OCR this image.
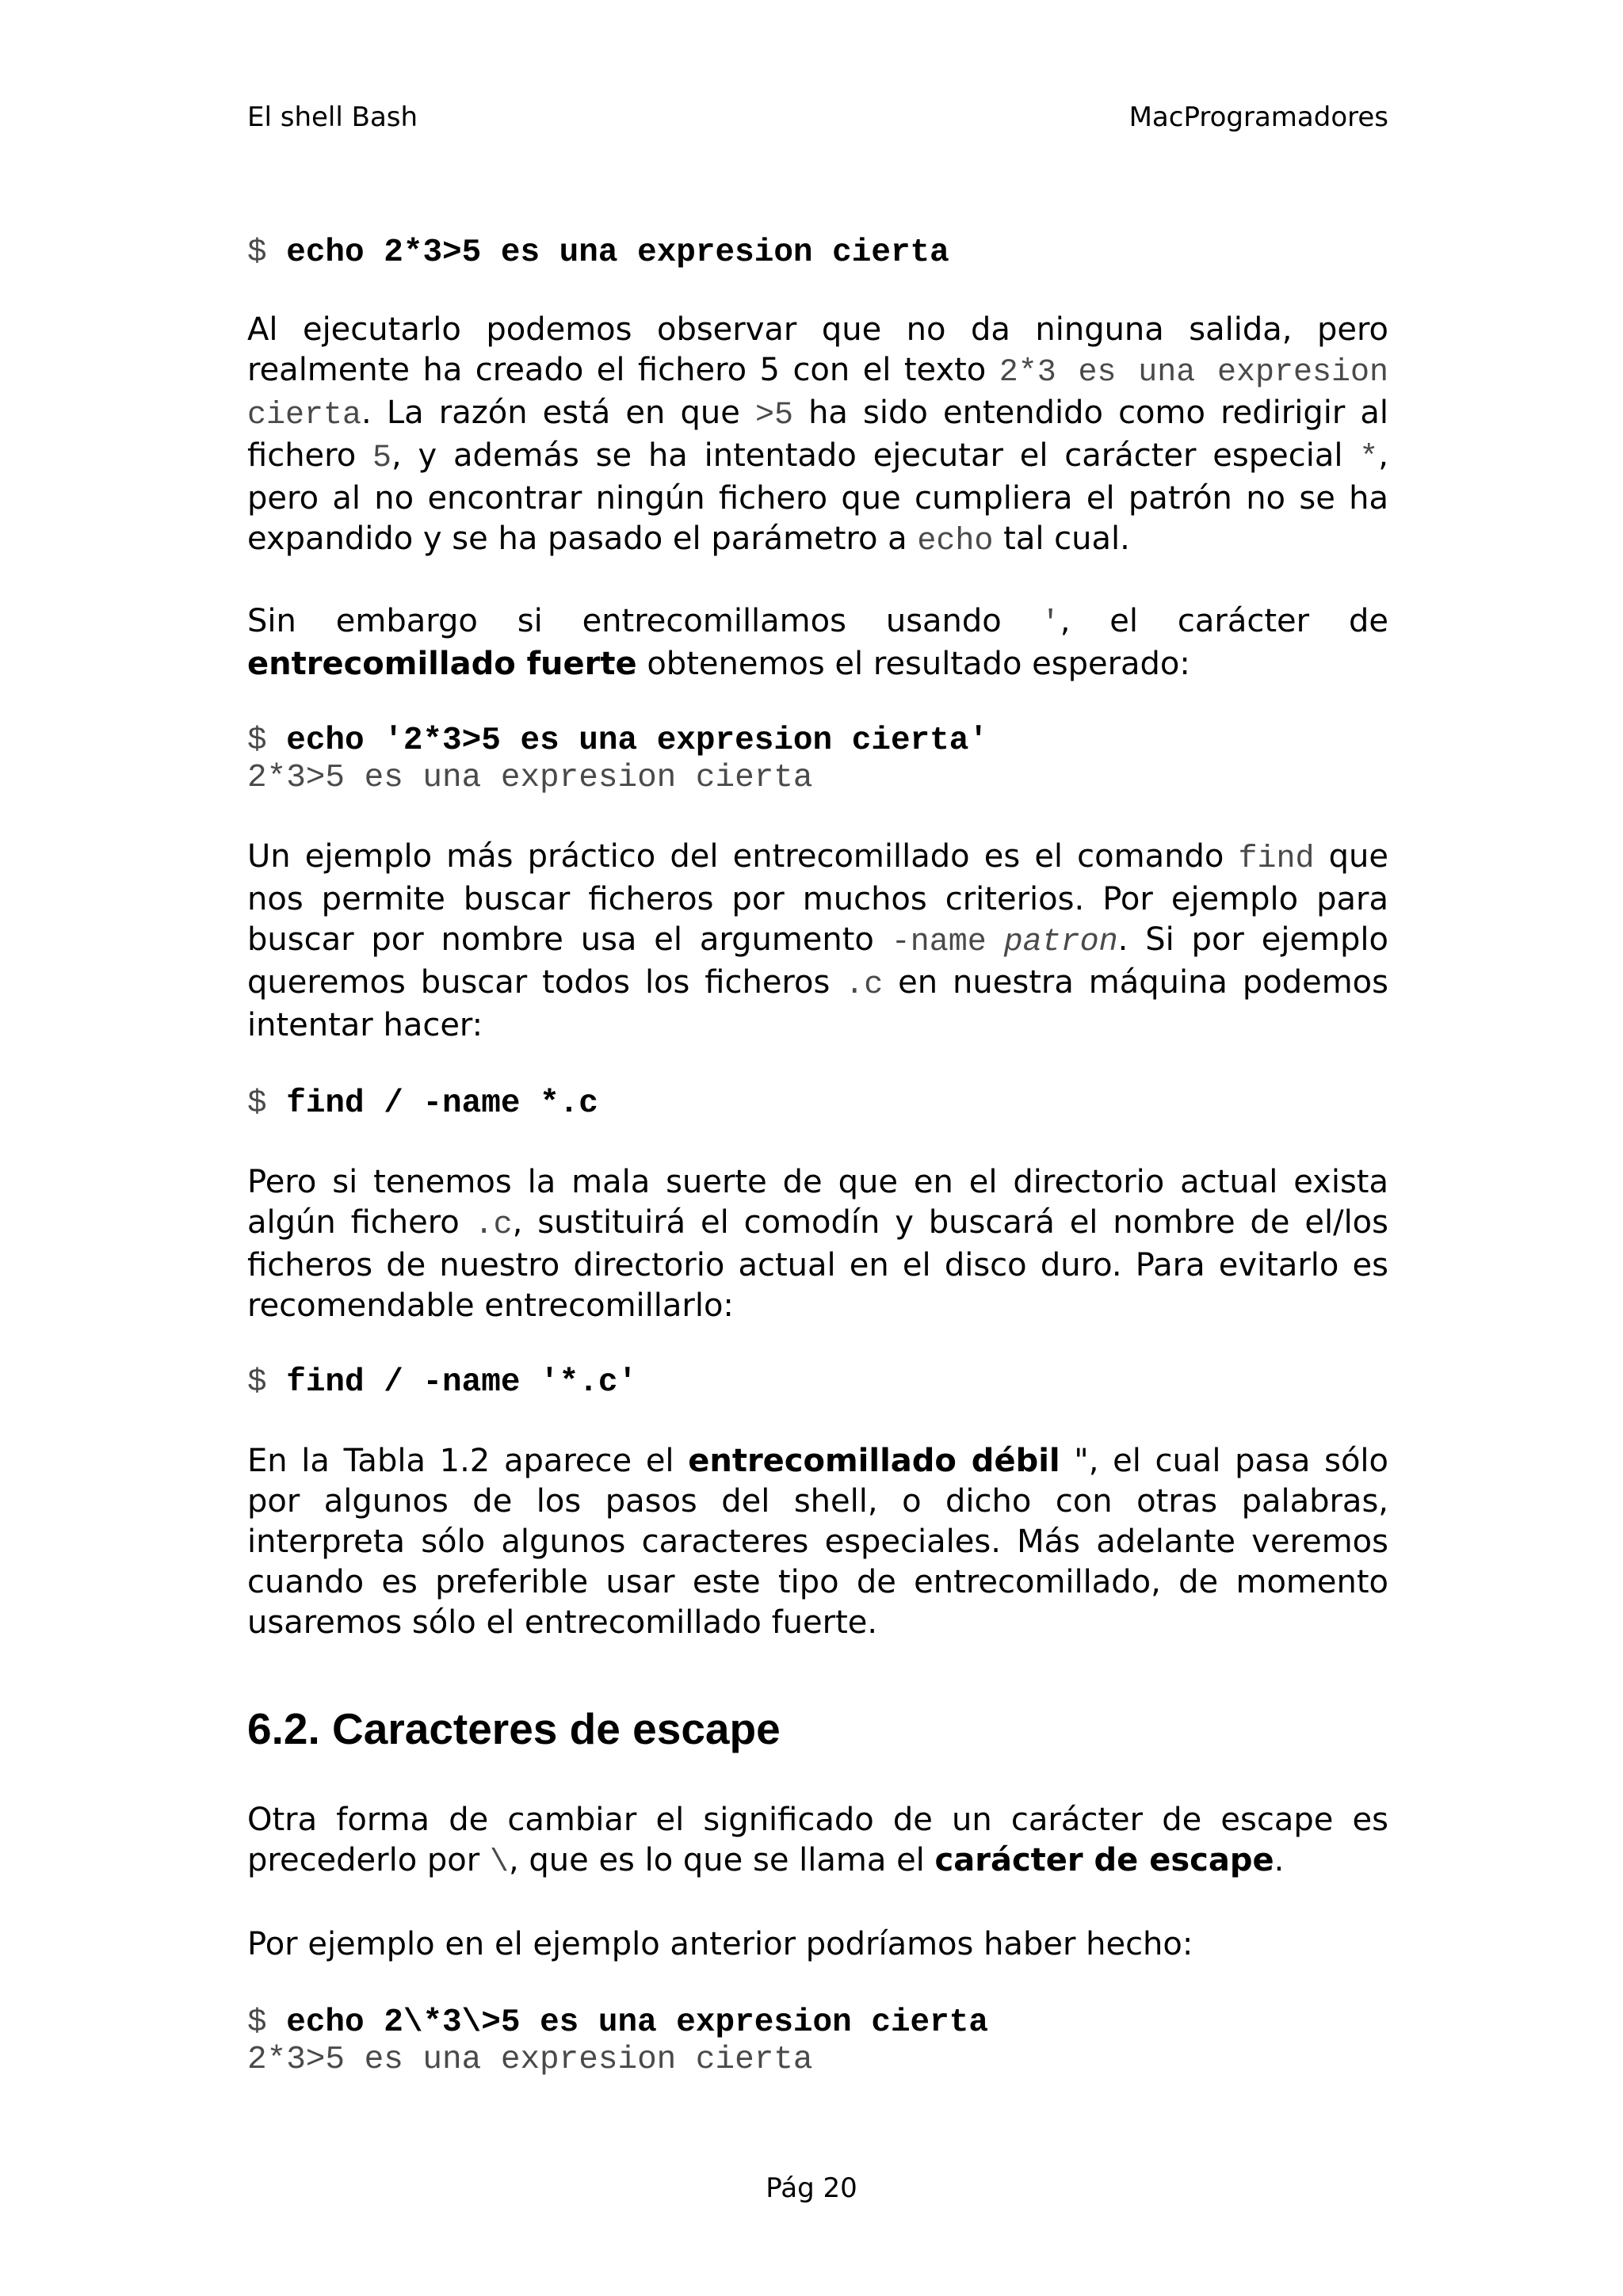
El shell Bash	MacProgramadores
$ echo 2*3>5 es una expresion cierta

Al ejecutarlo podemos observar que no da ninguna salida, pero realmente ha creado el fichero 5 con el texto 2*3 es una expresion cierta. La razón está en que >5 ha sido entendido como redirigir al fichero 5, y además se ha intentado ejecutar el carácter especial *, pero al no encontrar ningún fichero que cumpliera el patrón no se ha expandido y se ha pasado el parámetro a echo tal cual.

Sin embargo si entrecomillamos usando ', el carácter de entrecomillado fuerte obtenemos el resultado esperado:

$ echo '2*3>5 es una expresion cierta'
2*3>5 es una expresion cierta

Un ejemplo más práctico del entrecomillado es el comando find que nos permite buscar ficheros por muchos criterios. Por ejemplo para buscar por nombre usa el argumento -name patron. Si por ejemplo queremos buscar todos los ficheros .c en nuestra máquina podemos intentar hacer:

$ find / -name *.c

Pero si tenemos la mala suerte de que en el directorio actual exista algún fichero .c, sustituirá el comodín y buscará el nombre de el/los ficheros de nuestro directorio actual en el disco duro. Para evitarlo es recomendable entrecomillarlo:

$ find / -name '*.c'

En la Tabla 1.2 aparece el entrecomillado débil ", el cual pasa sólo por algunos de los pasos del shell, o dicho con otras palabras, interpreta sólo algunos caracteres especiales. Más adelante veremos cuando es preferible usar este tipo de entrecomillado, de momento usaremos sólo el entrecomillado fuerte.

6.2. Caracteres de escape

Otra forma de cambiar el significado de un carácter de escape es precederlo por \, que es lo que se llama el carácter de escape.

Por ejemplo en el ejemplo anterior podríamos haber hecho:

$ echo 2\*3\>5 es una expresion cierta
2*3>5 es una expresion cierta
Pág 20
